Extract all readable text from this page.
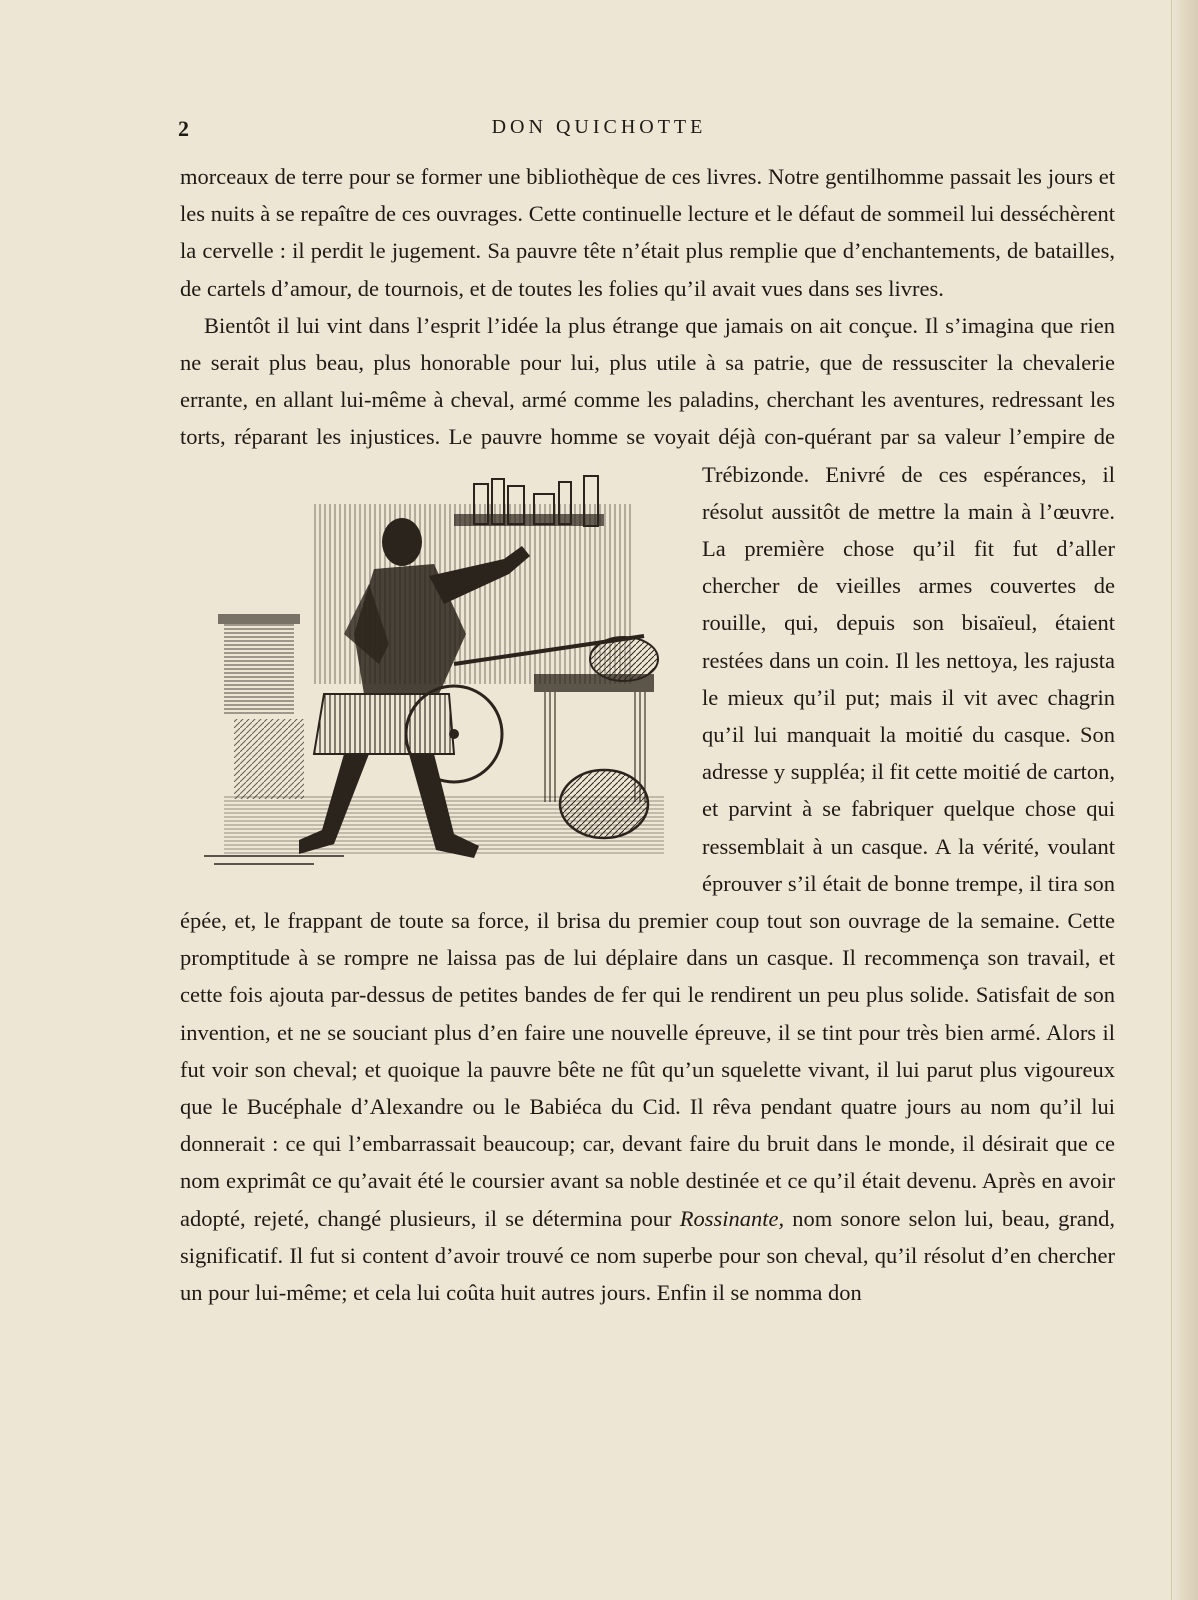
2	DON QUICHOTTE

morceaux de terre pour se former une bibliothèque de ces livres. Notre gentilhomme passait les jours et les nuits à se repaître de ces ouvrages. Cette continuelle lecture et le défaut de sommeil lui desséchèrent la cervelle : il perdit le jugement. Sa pauvre tête n’était plus remplie que d’enchantements, de batailles, de cartels d’amour, de tournois, et de toutes les folies qu’il avait vues dans ses livres.

Bientôt il lui vint dans l’esprit l’idée la plus étrange que jamais on ait conçue. Il s’imagina que rien ne serait plus beau, plus honorable pour lui, plus utile à sa patrie, que de ressusciter la chevalerie errante, en allant lui-même à cheval, armé comme les paladins, cherchant les aventures, redressant les torts, réparant les injustices. Le pauvre homme se voyait déjà con-
quérant par sa valeur l’empire de Trébizonde. Enivré de ces espérances, il résolut aussitôt de mettre la main à l’œuvre. La première chose qu’il fit fut d’aller chercher de vieilles armes couvertes de rouille, qui, depuis son bisaïeul, étaient restées dans un coin. Il les nettoya, les rajusta le mieux qu’il put; mais il vit avec chagrin qu’il lui manquait la moitié du casque. Son adresse y suppléa; il fit cette moitié de carton, et parvint à se fabriquer quelque chose qui ressemblait à un casque. A la vérité, voulant éprouver s’il était de bonne trempe, il tira son épée, et, le frappant de toute sa force, il brisa du premier coup tout son ouvrage de la semaine. Cette promptitude à se rompre ne laissa pas de lui déplaire dans un casque. Il recommença son travail, et cette fois ajouta par-dessus de petites bandes de fer qui le rendirent un peu plus solide. Satisfait de son invention, et ne se souciant plus d’en faire une nouvelle épreuve, il se tint pour très bien armé. Alors il fut voir son cheval; et quoique la pauvre bête ne fût qu’un squelette vivant, il lui parut plus vigoureux que le Bucéphale d’Alexandre ou le Babiéca du Cid. Il rêva pendant quatre jours au nom qu’il lui donnerait : ce qui l’embarrassait beaucoup; car, devant faire du bruit dans le monde, il désirait que ce nom exprimât ce qu’avait été le coursier avant sa noble destinée et ce qu’il était devenu. Après en avoir adopté, rejeté, changé plusieurs, il se détermina pour Rossinante, nom sonore selon lui, beau, grand, significatif. Il fut si content d’avoir trouvé ce nom superbe pour son cheval, qu’il résolut d’en chercher un pour lui-même; et cela lui coûta huit autres jours. Enfin il se nomma don
